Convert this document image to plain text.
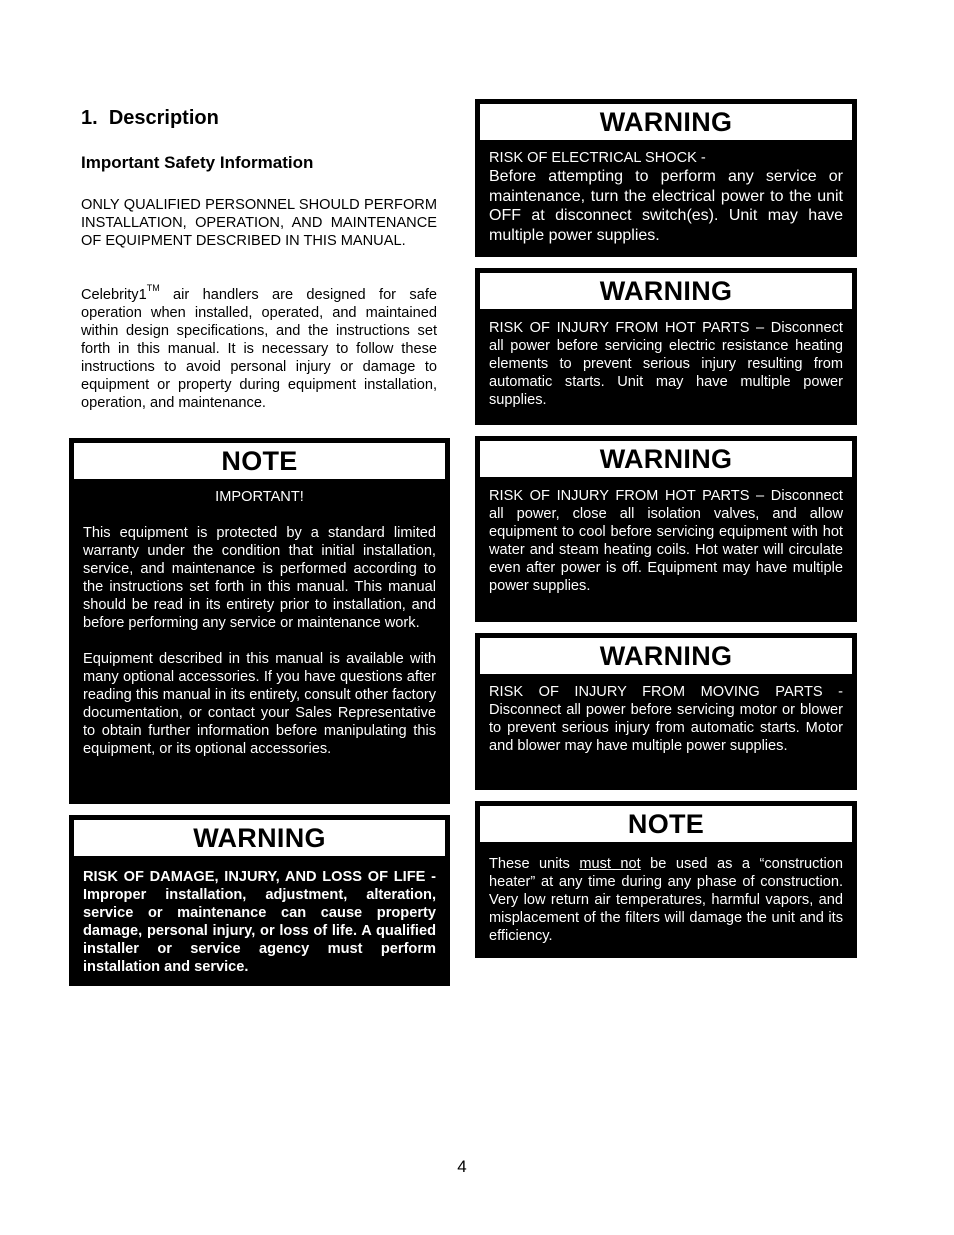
1. Description
Important Safety Information

ONLY QUALIFIED PERSONNEL SHOULD PERFORM INSTALLATION, OPERATION, AND MAINTENANCE OF EQUIPMENT DESCRIBED IN THIS MANUAL.

Celebrity1™ air handlers are designed for safe operation when installed, operated, and maintained within design specifications, and the instructions set forth in this manual. It is necessary to follow these instructions to avoid personal injury or damage to equipment or property during equipment installation, operation, and maintenance.

NOTE

IMPORTANT!

This equipment is protected by a standard limited warranty under the condition that initial installation, service, and maintenance is performed according to the instructions set forth in this manual. This manual should be read in its entirety prior to installation, and before performing any service or maintenance work.

Equipment described in this manual is available with many optional accessories. If you have questions after reading this manual in its entirety, consult other factory documentation, or contact your Sales Representative to obtain further information before manipulating this equipment, or its optional accessories.

WARNING

RISK OF DAMAGE, INJURY, AND LOSS OF LIFE - Improper installation, adjustment, alteration, service or maintenance can cause property damage, personal injury, or loss of life. A qualified installer or service agency must perform installation and service.

WARNING

RISK OF ELECTRICAL SHOCK -

Before attempting to perform any service or maintenance, turn the electrical power to the unit OFF at disconnect switch(es). Unit may have multiple power supplies.

WARNING

RISK OF INJURY FROM HOT PARTS – Disconnect all power before servicing electric resistance heating elements to prevent serious injury resulting from automatic starts. Unit may have multiple power supplies.

WARNING

RISK OF INJURY FROM HOT PARTS – Disconnect all power, close all isolation valves, and allow equipment to cool before servicing equipment with hot water and steam heating coils. Hot water will circulate even after power is off. Equipment may have multiple power supplies.

WARNING

RISK OF INJURY FROM MOVING PARTS - Disconnect all power before servicing motor or blower to prevent serious injury from automatic starts. Motor and blower may have multiple power supplies.

NOTE

These units must not be used as a “construction heater” at any time during any phase of construction. Very low return air temperatures, harmful vapors, and misplacement of the filters will damage the unit and its efficiency.

4
